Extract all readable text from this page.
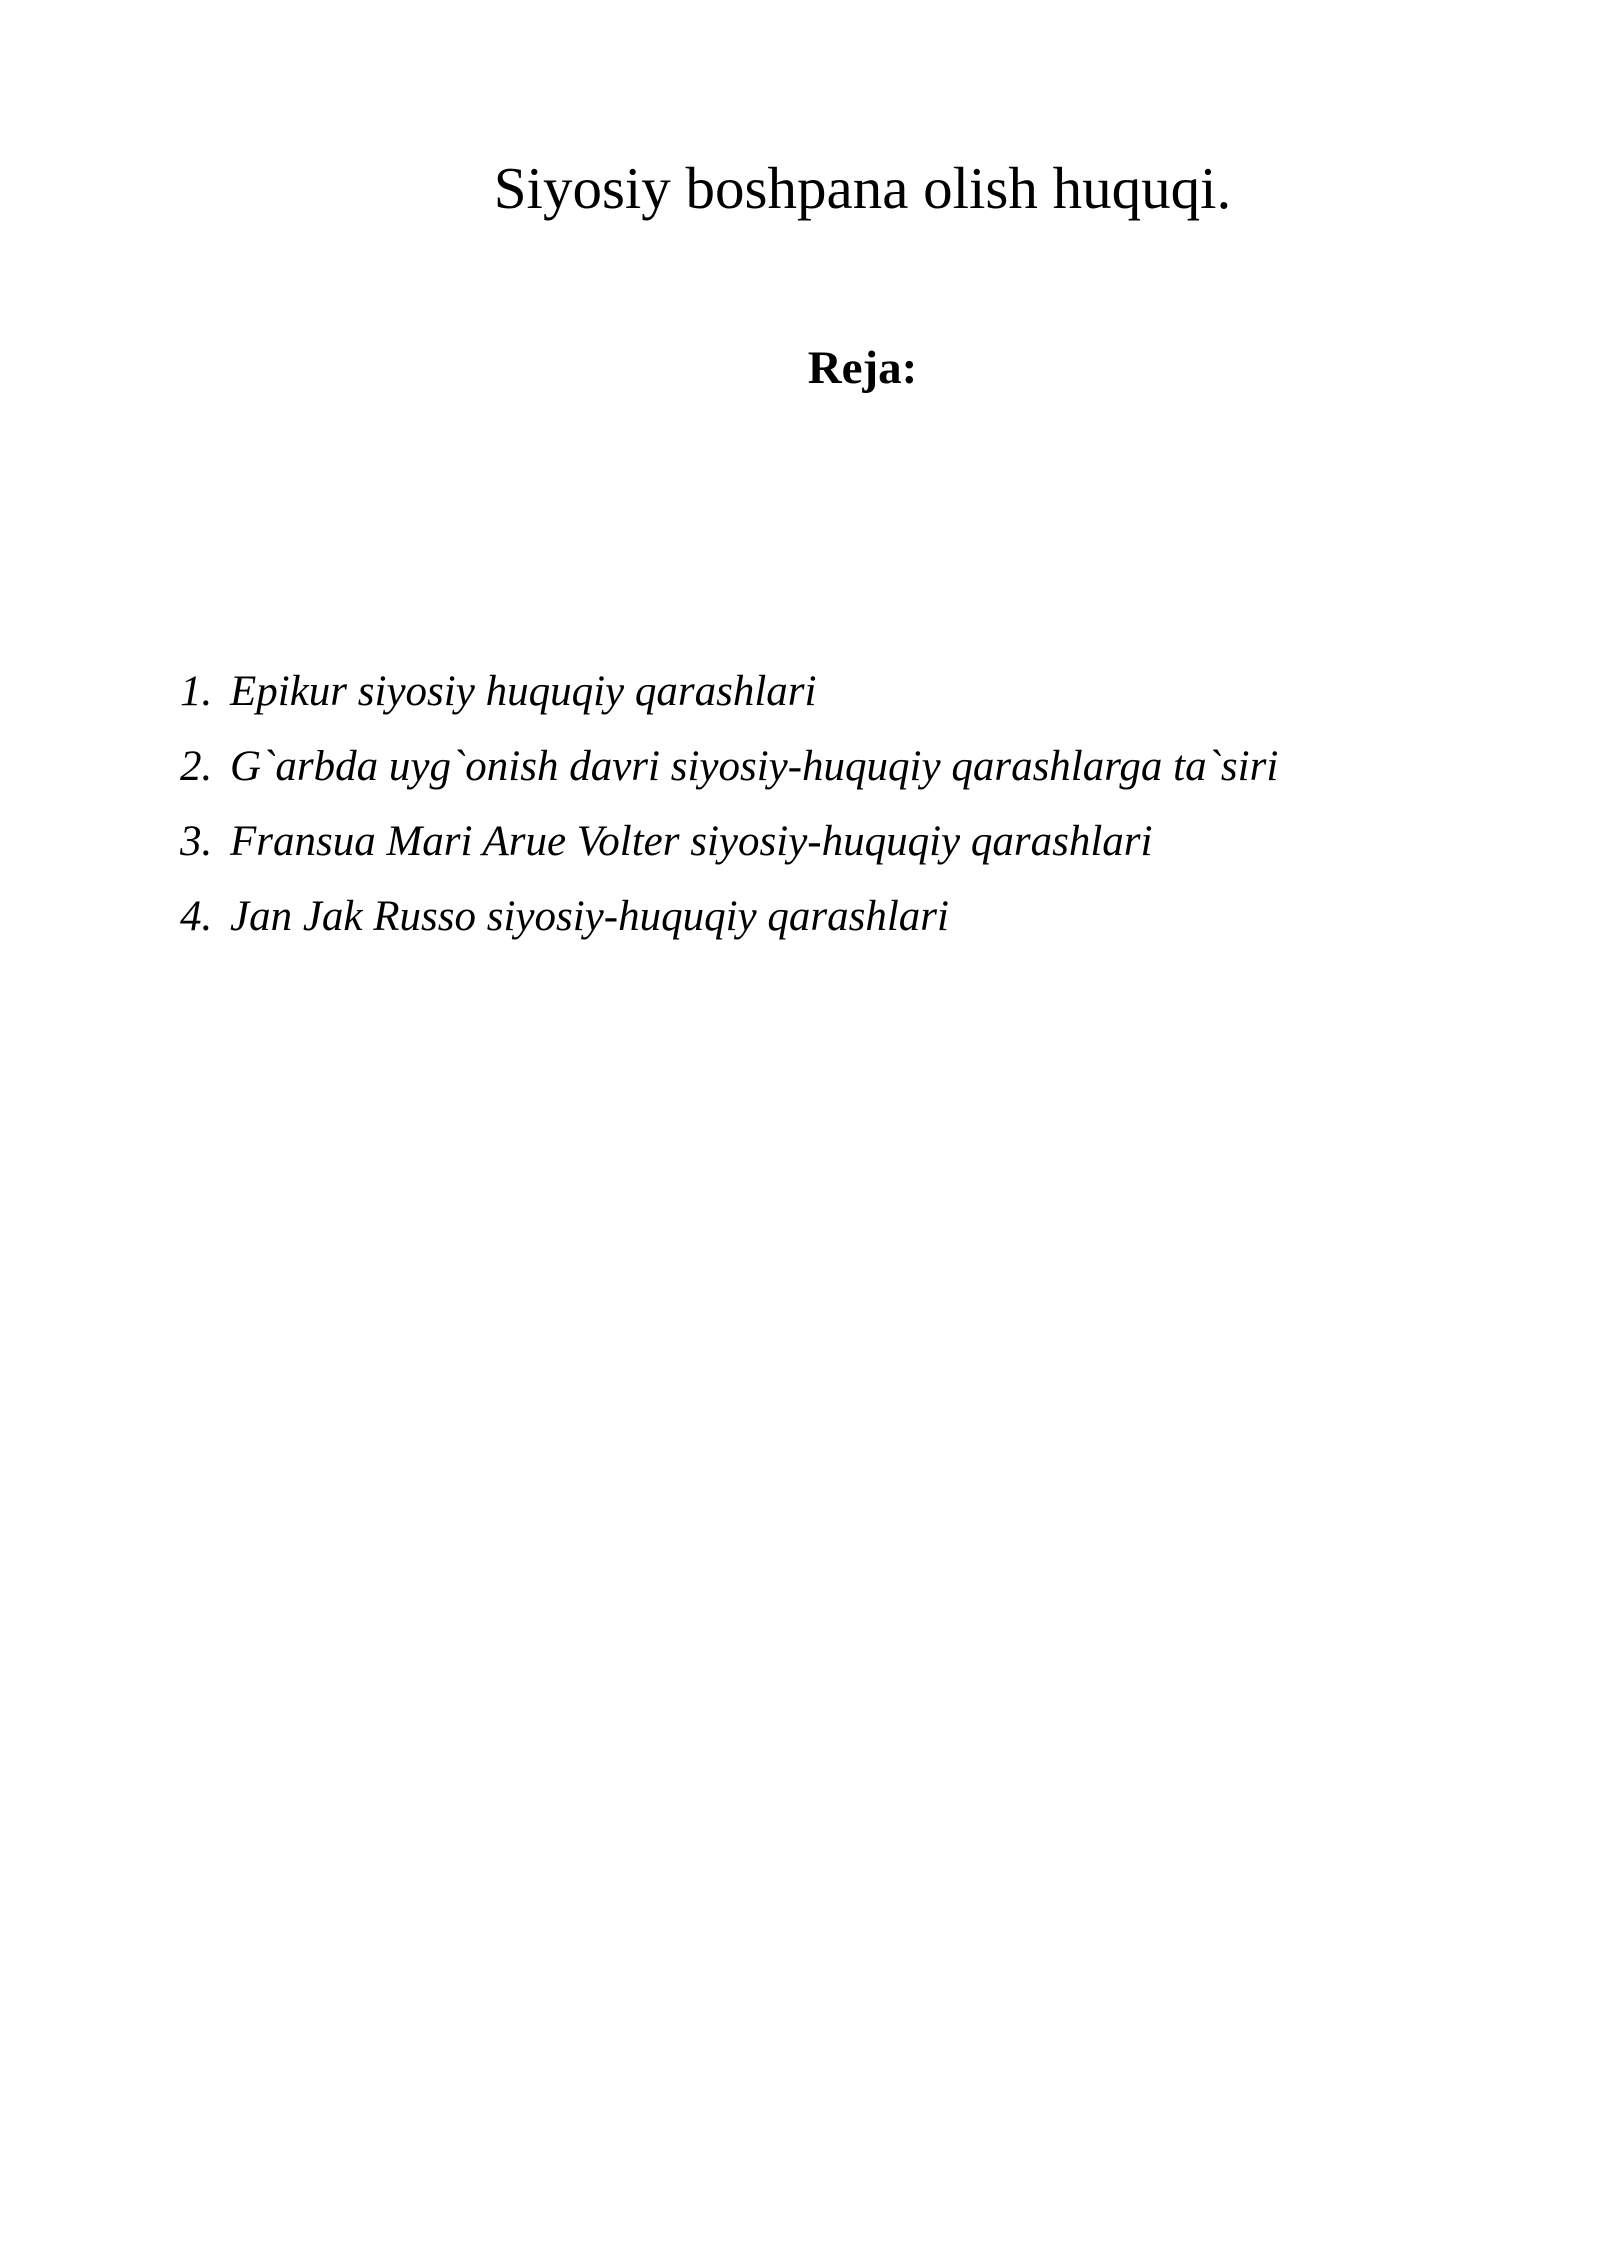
Siyosiy boshpana olish huquqi.
Reja:
1. Epikur siyosiy huquqiy qarashlari
2. G`arbda uyg`onish davri siyosiy-huquqiy qarashlarga ta`siri
3. Fransua Mari Arue Volter siyosiy-huquqiy qarashlari
4. Jan Jak Russo siyosiy-huquqiy qarashlari
